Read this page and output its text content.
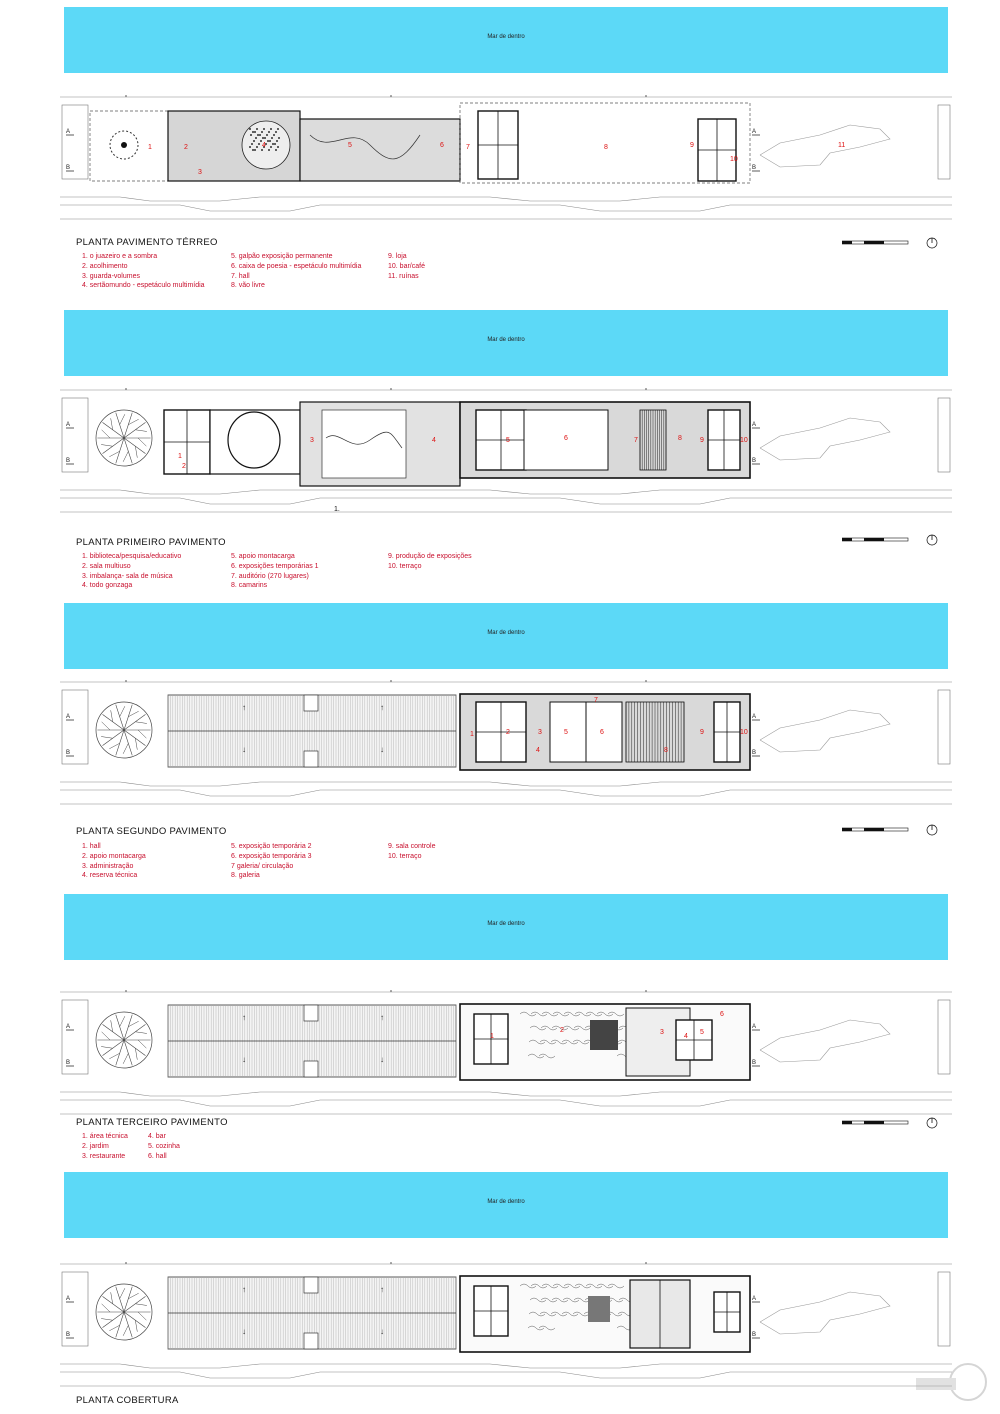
Mar de dentro
A
B
A
B
1	2
3
4	5	6	7	8	9
10
11
PLANTA PAVIMENTO TÉRREO
1. o juazeiro e a sombra
2. acolhimento
3. guarda-volumes
4. sertãomundo - espetáculo multimídia
5. galpão exposição permanente
6. caixa de poesia - espetáculo multimídia
7. hall
8. vão livre
9. loja
10. bar/café
11. ruínas
Mar de dentro
A
B
A
B
1
2
3	4	5	6	7	8	9	10
1.
PLANTA PRIMEIRO PAVIMENTO
1. biblioteca/pesquisa/educativo
2. sala multiuso
3. imbalança- sala de música
4. todo gonzaga
5. apoio montacarga
6. exposições temporárias 1
7. auditório (270 lugares)
8. camarins
9. produção de exposições
10. terraço
Mar de dentro
A
B
A
B
↑
↓
↑
↓
1	2	3
4
5	6
7
8
9	10
PLANTA SEGUNDO PAVIMENTO
1. hall
2. apoio montacarga
3. administração
4. reserva técnica
5. exposição temporária 2
6. exposição temporária 3
7 galeria/ circulação
8. galeria
9. sala controle
10. terraço
Mar de dentro
A
B
A
B
↑
↓
↑
↓
1
2	3
4
5
6
PLANTA TERCEIRO PAVIMENTO
1. área técnica
2. jardim
3. restaurante
4. bar
5. cozinha
6. hall
Mar de dentro
A
B
A
B
↑
↓
↑
↓
PLANTA COBERTURA
